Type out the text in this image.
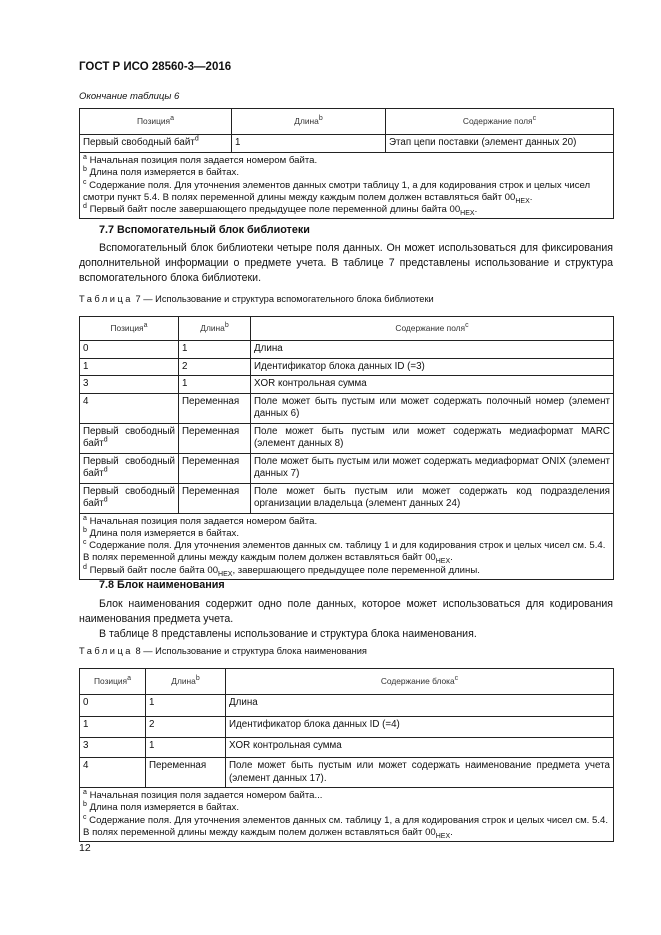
ГОСТ Р ИСО 28560-3—2016
Окончание таблицы 6
Позиция$^a$	Длина$^b$	Содержание поля$^c$
Первый свободный байт$^d$	1	Этап цепи поставки (элемент данных 20)

$^a$ Начальная позиция поля задается номером байта.
$^b$ Длина поля измеряется в байтах.
$^c$ Содержание поля. Для уточнения элементов данных смотри таблицу 1, а для кодирования строк и целых чисел смотри пункт 5.4. В полях переменной длины между каждым полем должен вставляться байт $00_{HEX}$.
$^d$ Первый байт после завершающего предыдущее поле переменной длины байта $00_{HEX}$.		
7.7 Вспомогательный блок библиотеки

Вспомогательный блок библиотеки четыре поля данных. Он может использоваться для фиксирования дополнительной информации о предмете учета. В таблице 7 представлены использование и структура вспомогательного блока библиотеки.

Таблица 7 — Использование и структура вспомогательного блока библиотеки
Позиция$^a$	Длина$^b$	Содержание поля$^c$
0	1	Длина
1	2	Идентификатор блока данных ID (=3)
3	1	XOR контрольная сумма
4	Переменная	Поле может быть пустым или может содержать полочный номер (элемент данных 6)
Первый свободный байт$^d$	Переменная	Поле может быть пустым или может содержать медиаформат MARC (элемент данных 8)
Первый свободный байт$^d$	Переменная	Поле может быть пустым или может содержать медиаформат ONIX (элемент данных 7)
Первый свободный байт$^d$	Переменная	Поле может быть пустым или может содержать код подразделения организации владельца (элемент данных 24)

$^a$ Начальная позиция поля задается номером байта.
$^b$ Длина поля измеряется в байтах.
$^c$ Содержание поля. Для уточнения элементов данных см. таблицу 1 и для кодирования строк и целых чисел см. 5.4. В полях переменной длины между каждым полем должен вставляться байт $00_{HEX}$.
$^d$ Первый байт после байта $00_{HEX}$, завершающего предыдущее поле переменной длины.		
7.8 Блок наименования

Блок наименования содержит одно поле данных, которое может использоваться для кодирования наименования предмета учета.

В таблице 8 представлены использование и структура блока наименования.

Таблица 8 — Использование и структура блока наименования
Позиция$^a$	Длина$^b$	Содержание блока$^c$
0	1	Длина
1	2	Идентификатор блока данных ID (=4)
3	1	XOR контрольная сумма
4	Переменная	Поле может быть пустым или может содержать наименование предмета учета (элемент данных 17).

$^a$ Начальная позиция поля задается номером байта...
$^b$ Длина поля измеряется в байтах.
$^c$ Содержание поля. Для уточнения элементов данных см. таблицу 1, а для кодирования строк и целых чисел см. 5.4. В полях переменной длины между каждым полем должен вставляться байт $00_{HEX}$.		
12
